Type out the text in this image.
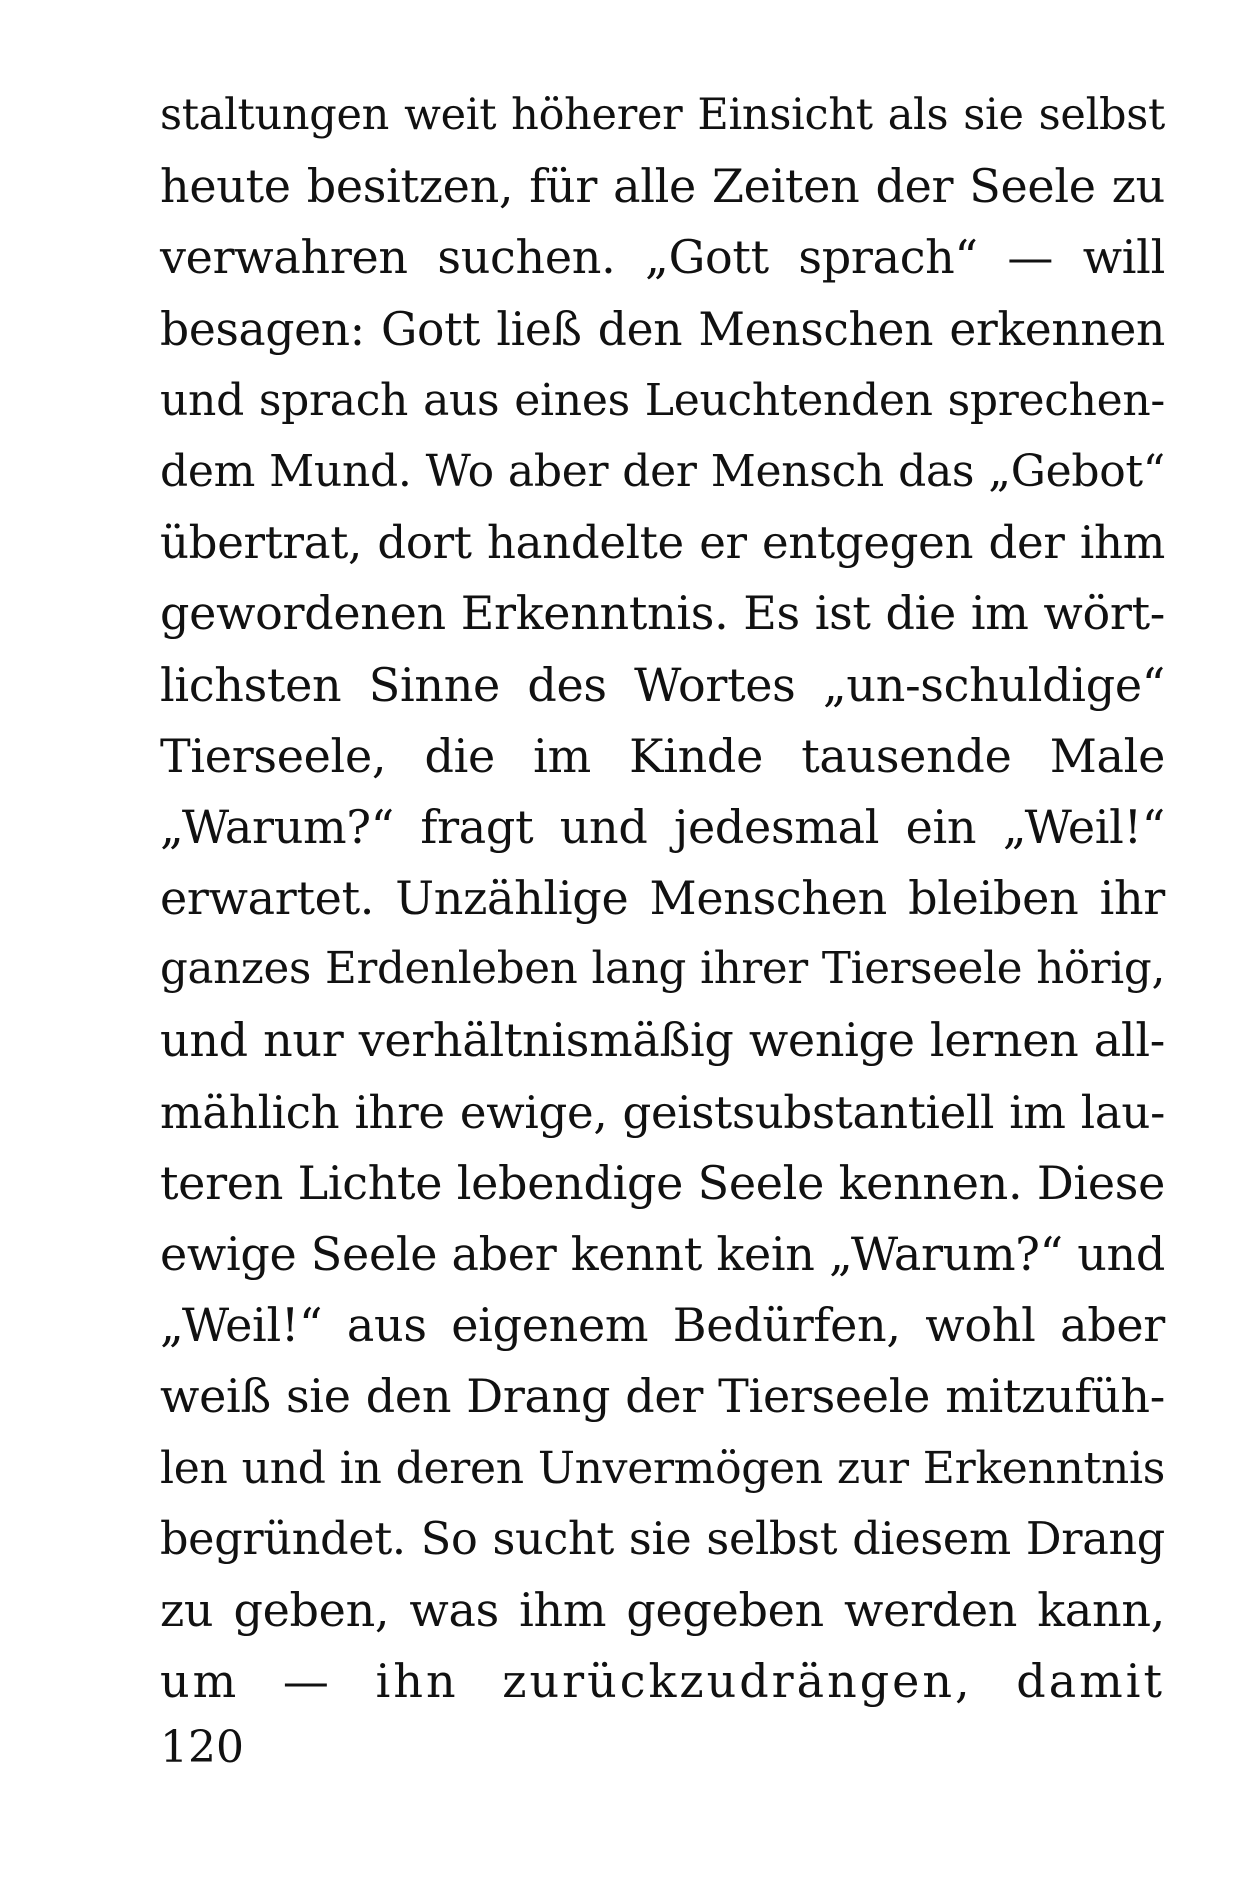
staltungen weit höherer Einsicht als sie selbst
heute besitzen, für alle Zeiten der Seele zu
verwahren suchen. „Gott sprach“ — will
besagen: Gott ließ den Menschen erkennen
und sprach aus eines Leuchtenden sprechen-
dem Mund. Wo aber der Mensch das „Gebot“
übertrat, dort handelte er entgegen der ihm
gewordenen Erkenntnis. Es ist die im wört-
lichsten Sinne des Wortes „un-schuldige“
Tierseele, die im Kinde tausende Male
„Warum?“ fragt und jedesmal ein „Weil!“
erwartet. Unzählige Menschen bleiben ihr
ganzes Erdenleben lang ihrer Tierseele hörig,
und nur verhältnismäßig wenige lernen all-
mählich ihre ewige, geistsubstantiell im lau-
teren Lichte lebendige Seele kennen. Diese
ewige Seele aber kennt kein „Warum?“ und
„Weil!“ aus eigenem Bedürfen, wohl aber
weiß sie den Drang der Tierseele mitzufüh-
len und in deren Unvermögen zur Erkenntnis
begründet. So sucht sie selbst diesem Drang
zu geben, was ihm gegeben werden kann,
um — ihn zurückzudrängen, damit
120
